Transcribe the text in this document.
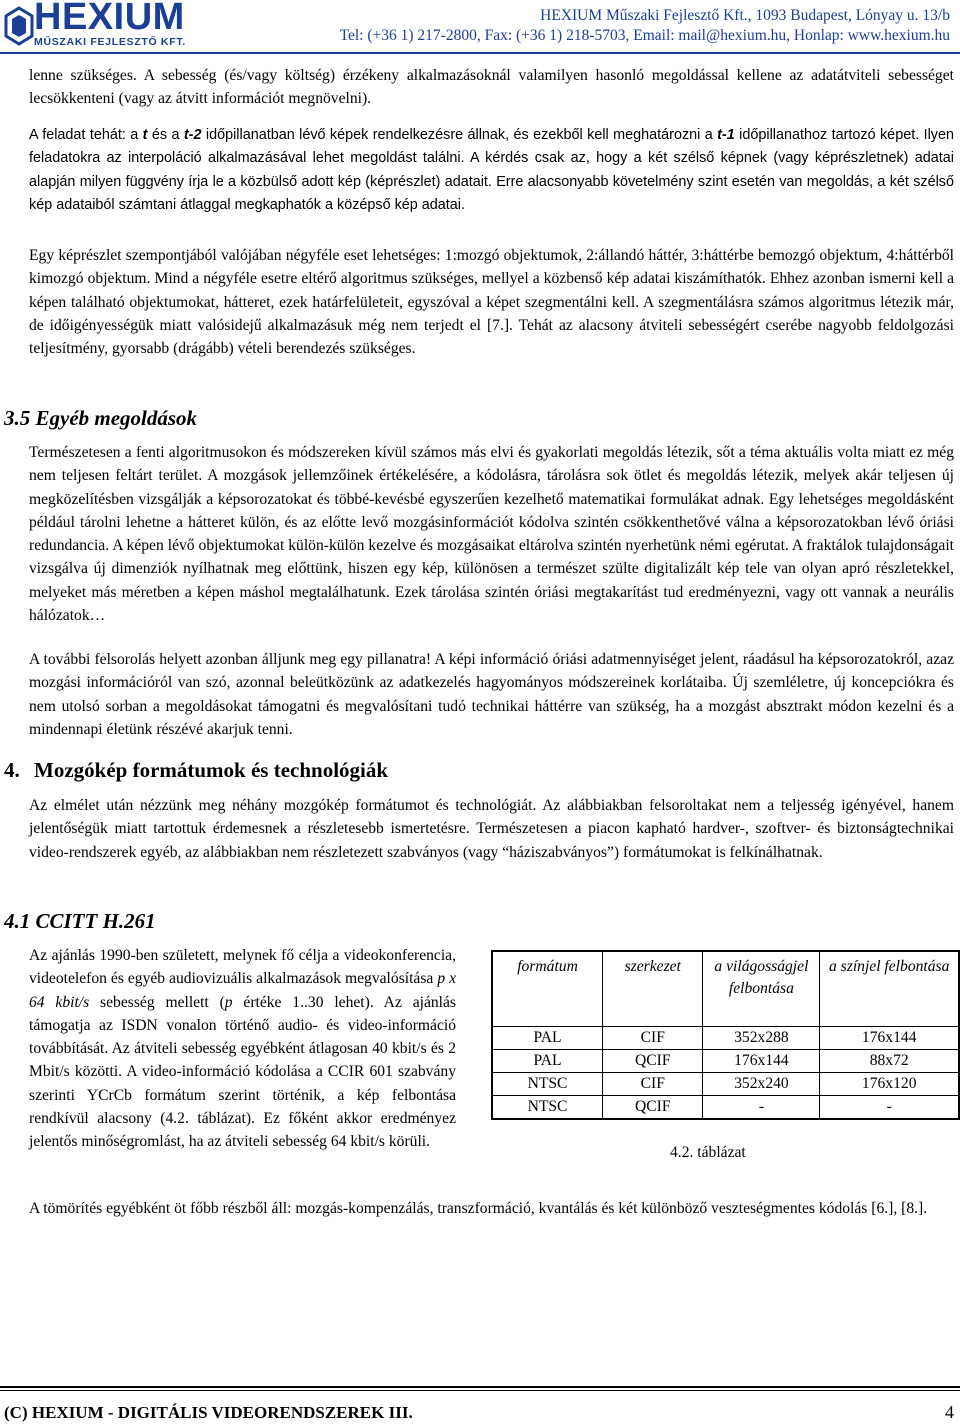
HEXIUM
MŰSZAKI FEJLESZTŐ KFT.
HEXIUM Műszaki Fejlesztő Kft., 1093 Budapest, Lónyay u. 13/b
Tel: (+36 1) 217-2800, Fax: (+36 1) 218-5703, Email: mail@hexium.hu, Honlap: www.hexium.hu

lenne szükséges. A sebesség (és/vagy költség) érzékeny alkalmazásoknál valamilyen hasonló megoldással kellene az adatátviteli sebességet lecsökkenteni (vagy az átvitt információt megnövelni).

A feladat tehát: a t és a t-2 időpillanatban lévő képek rendelkezésre állnak, és ezekből kell meghatározni a t-1 időpillanathoz tartozó képet. Ilyen feladatokra az interpoláció alkalmazásával lehet megoldást találni. A kérdés csak az, hogy a két szélső képnek (vagy képrészletnek) adatai alapján milyen függvény írja le a közbülső adott kép (képrészlet) adatait. Erre alacsonyabb követelmény szint esetén van megoldás, a két szélső kép adataiból számtani átlaggal megkaphatók a középső kép adatai.

Egy képrészlet szempontjából valójában négyféle eset lehetséges: 1:mozgó objektumok, 2:állandó háttér, 3:háttérbe bemozgó objektum, 4:háttérből kimozgó objektum. Mind a négyféle esetre eltérő algoritmus szükséges, mellyel a közbenső kép adatai kiszámíthatók. Ehhez azonban ismerni kell a képen található objektumokat, hátteret, ezek határfelületeit, egyszóval a képet szegmentálni kell. A szegmentálásra számos algoritmus létezik már, de időigényességük miatt valósidejű alkalmazásuk még nem terjedt el [7.]. Tehát az alacsony átviteli sebességért cserébe nagyobb feldolgozási teljesítmény, gyorsabb (drágább) vételi berendezés szükséges.

3.5 Egyéb megoldások

Természetesen a fenti algoritmusokon és módszereken kívül számos más elvi és gyakorlati megoldás létezik, sőt a téma aktuális volta miatt ez még nem teljesen feltárt terület. A mozgások jellemzőinek értékelésére, a kódolásra, tárolásra sok ötlet és megoldás létezik, melyek akár teljesen új megközelítésben vizsgálják a képsorozatokat és többé-kevésbé egyszerűen kezelhető matematikai formulákat adnak. Egy lehetséges megoldásként például tárolni lehetne a hátteret külön, és az előtte levő mozgásinformációt kódolva szintén csökkenthetővé válna a képsorozatokban lévő óriási redundancia. A képen lévő objektumokat külön-külön kezelve és mozgásaikat eltárolva szintén nyerhetünk némi egérutat. A fraktálok tulajdonságait vizsgálva új dimenziók nyílhatnak meg előttünk, hiszen egy kép, különösen a természet szülte digitalizált kép tele van olyan apró részletekkel, melyeket más méretben a képen máshol megtalálhatunk. Ezek tárolása szintén óriási megtakarítást tud eredményezni, vagy ott vannak a neurális hálózatok…

A további felsorolás helyett azonban álljunk meg egy pillanatra! A képi információ óriási adatmennyiséget jelent, ráadásul ha képsorozatokról, azaz mozgási információról van szó, azonnal beleütközünk az adatkezelés hagyományos módszereinek korlátaiba. Új szemléletre, új koncepciókra és nem utolsó sorban a megoldásokat támogatni és megvalósítani tudó technikai háttérre van szükség, ha a mozgást absztrakt módon kezelni és a mindennapi életünk részévé akarjuk tenni.

4. Mozgókép formátumok és technológiák

Az elmélet után nézzünk meg néhány mozgókép formátumot és technológiát. Az alábbiakban felsoroltakat nem a teljesség igényével, hanem jelentőségük miatt tartottuk érdemesnek a részletesebb ismertetésre. Természetesen a piacon kapható hardver-, szoftver- és biztonságtechnikai video-rendszerek egyéb, az alábbiakban nem részletezett szabványos (vagy “háziszabványos”) formátumokat is felkínálhatnak.

4.1 CCITT H.261

Az ajánlás 1990-ben született, melynek fő célja a videokonferencia, videotelefon és egyéb audiovizuális alkalmazások megvalósítása p x 64 kbit/s sebesség mellett (p értéke 1..30 lehet). Az ajánlás támogatja az ISDN vonalon történő audio- és video-információ továbbítását. Az átviteli sebesség egyébként átlagosan 40 kbit/s és 2 Mbit/s közötti. A video-információ kódolása a CCIR 601 szabvány szerinti YCrCb formátum szerint történik, a kép felbontása rendkívül alacsony (4.2. táblázat). Ez főként akkor eredményez jelentős minőségromlást, ha az átviteli sebesség 64 kbit/s körüli.

formátum	szerkezet	a világosságjel felbontása	a színjel felbontása
PAL	CIF	352x288	176x144
PAL	QCIF	176x144	88x72
NTSC	CIF	352x240	176x120
NTSC	QCIF	-	-
4.2. táblázat

A tömörítés egyébként öt főbb részből áll: mozgás-kompenzálás, transzformáció, kvantálás és két különböző veszteségmentes kódolás [6.], [8.].

(C) HEXIUM - DIGITÁLIS VIDEORENDSZEREK III.	4
